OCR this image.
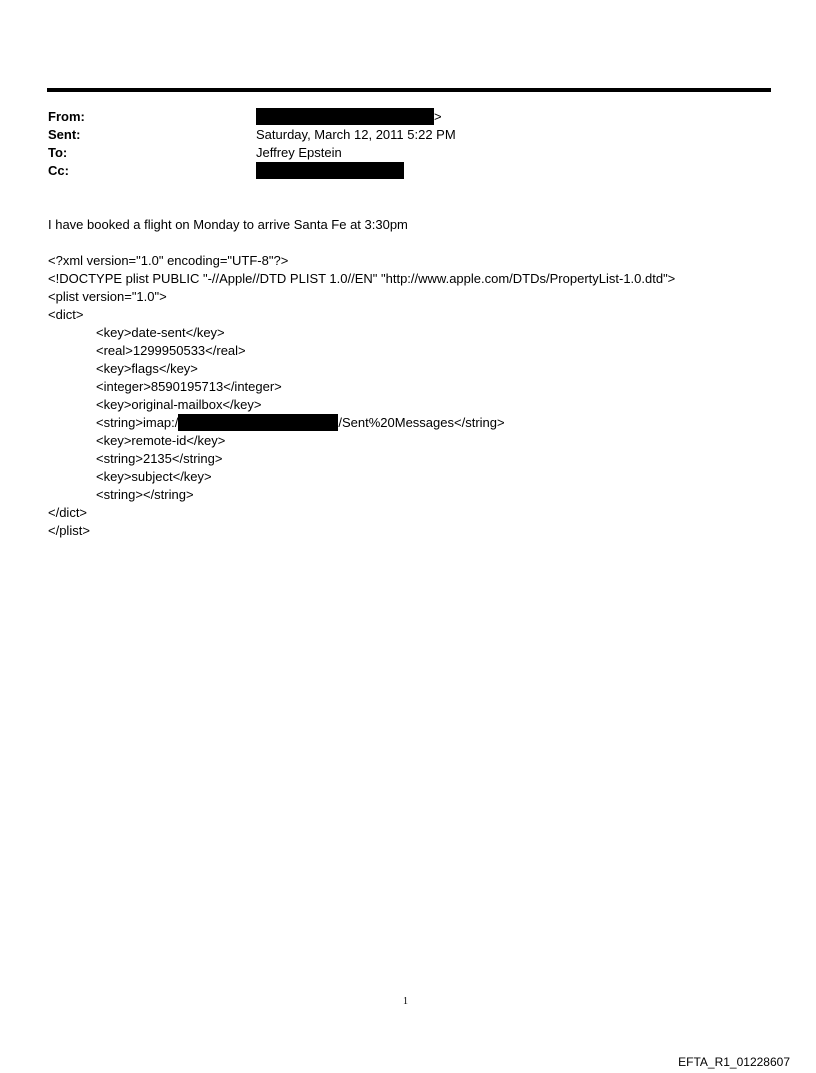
From:	>
Sent:	Saturday, March 12, 2011 5:22 PM
To:	Jeffrey Epstein
Cc:
I have booked a flight on Monday to arrive Santa Fe at 3:30pm
<?xml version="1.0" encoding="UTF-8"?>
<!DOCTYPE plist PUBLIC "-//Apple//DTD PLIST 1.0//EN" "http://www.apple.com/DTDs/PropertyList-1.0.dtd">
<plist version="1.0">
<dict>
<key>date-sent</key>
<real>1299950533</real>
<key>flags</key>
<integer>8590195713</integer>
<key>original-mailbox</key>
<string>imap:/	/Sent%20Messages</string>
<key>remote-id</key>
<string>2135</string>
<key>subject</key>
<string></string>
</dict>
</plist>
1
EFTA_R1_01228607
